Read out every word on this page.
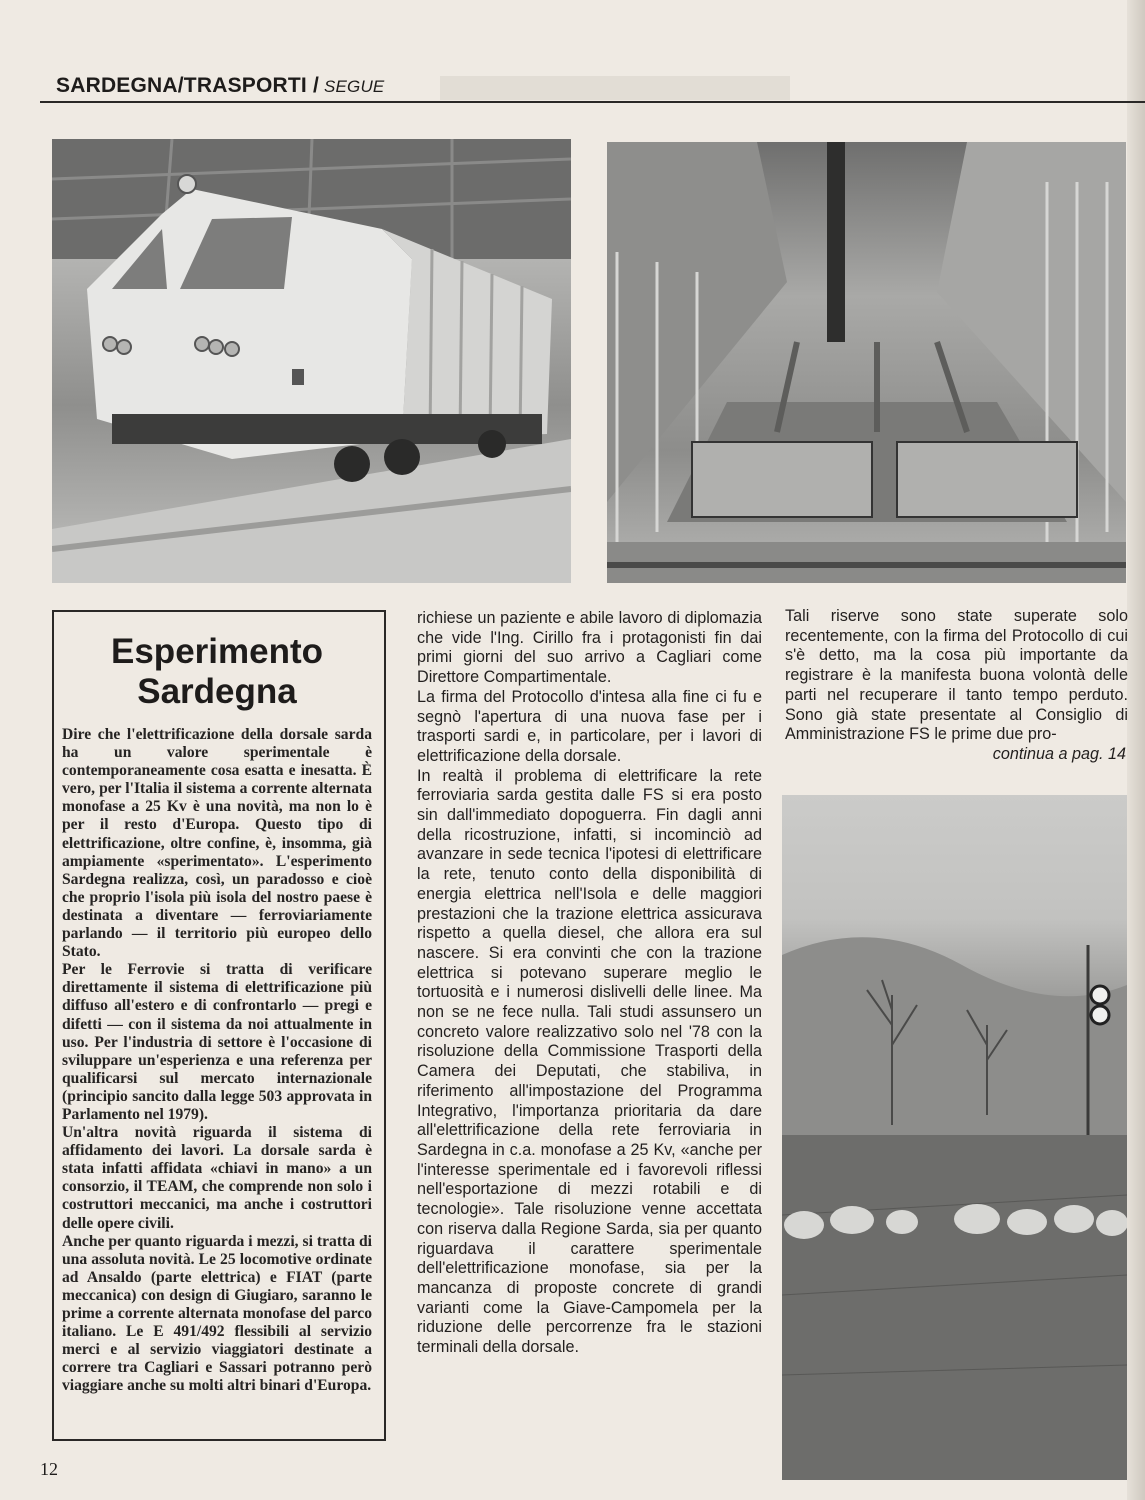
SARDEGNA/TRASPORTI / SEGUE
Esperimento
Sardegna

Dire che l'elettrificazione della dorsale sarda ha un valore sperimentale è contemporaneamente cosa esatta e inesatta. È vero, per l'Italia il sistema a corrente alternata monofase a 25 Kv è una novità, ma non lo è per il resto d'Europa. Questo tipo di elettrificazione, oltre confine, è, insomma, già ampiamente «sperimentato». L'esperimento Sardegna realizza, così, un paradosso e cioè che proprio l'isola più isola del nostro paese è destinata a diventare — ferroviariamente parlando — il territorio più europeo dello Stato.

Per le Ferrovie si tratta di verificare direttamente il sistema di elettrificazione più diffuso all'estero e di confrontarlo — pregi e difetti — con il sistema da noi attualmente in uso. Per l'industria di settore è l'occasione di sviluppare un'esperienza e una referenza per qualificarsi sul mercato internazionale (principio sancito dalla legge 503 approvata in Parlamento nel 1979).

Un'altra novità riguarda il sistema di affidamento dei lavori. La dorsale sarda è stata infatti affidata «chiavi in mano» a un consorzio, il TEAM, che comprende non solo i costruttori meccanici, ma anche i costruttori delle opere civili.

Anche per quanto riguarda i mezzi, si tratta di una assoluta novità. Le 25 locomotive ordinate ad Ansaldo (parte elettrica) e FIAT (parte meccanica) con design di Giugiaro, saranno le prime a corrente alternata monofase del parco italiano. Le E 491/492 flessibili al servizio merci e al servizio viaggiatori destinate a correre tra Cagliari e Sassari potranno però viaggiare anche su molti altri binari d'Europa.

richiese un paziente e abile lavoro di diplomazia che vide l'Ing. Cirillo fra i protagonisti fin dai primi giorni del suo arrivo a Cagliari come Direttore Compartimentale.

La firma del Protocollo d'intesa alla fine ci fu e segnò l'apertura di una nuova fase per i trasporti sardi e, in particolare, per i lavori di elettrificazione della dorsale.

In realtà il problema di elettrificare la rete ferroviaria sarda gestita dalle FS si era posto sin dall'immediato dopoguerra. Fin dagli anni della ricostruzione, infatti, si incominciò ad avanzare in sede tecnica l'ipotesi di elettrificare la rete, tenuto conto della disponibilità di energia elettrica nell'Isola e delle maggiori prestazioni che la trazione elettrica assicurava rispetto a quella diesel, che allora era sul nascere. Si era convinti che con la trazione elettrica si potevano superare meglio le tortuosità e i numerosi dislivelli delle linee. Ma non se ne fece nulla. Tali studi assunsero un concreto valore realizzativo solo nel '78 con la risoluzione della Commissione Trasporti della Camera dei Deputati, che stabiliva, in riferimento all'impostazione del Programma Integrativo, l'importanza prioritaria da dare all'elettrificazione della rete ferroviaria in Sardegna in c.a. monofase a 25 Kv, «anche per l'interesse sperimentale ed i favorevoli riflessi nell'esportazione di mezzi rotabili e di tecnologie». Tale risoluzione venne accettata con riserva dalla Regione Sarda, sia per quanto riguardava il carattere sperimentale dell'elettrificazione monofase, sia per la mancanza di proposte concrete di grandi varianti come la Giave-Campomela per la riduzione delle percorrenze fra le stazioni terminali della dorsale.

Tali riserve sono state superate solo recentemente, con la firma del Protocollo di cui s'è detto, ma la cosa più importante da registrare è la manifesta buona volontà delle parti nel recuperare il tanto tempo perduto. Sono già state presentate al Consiglio di Amministrazione FS le prime due pro-

continua a pag. 14

12
